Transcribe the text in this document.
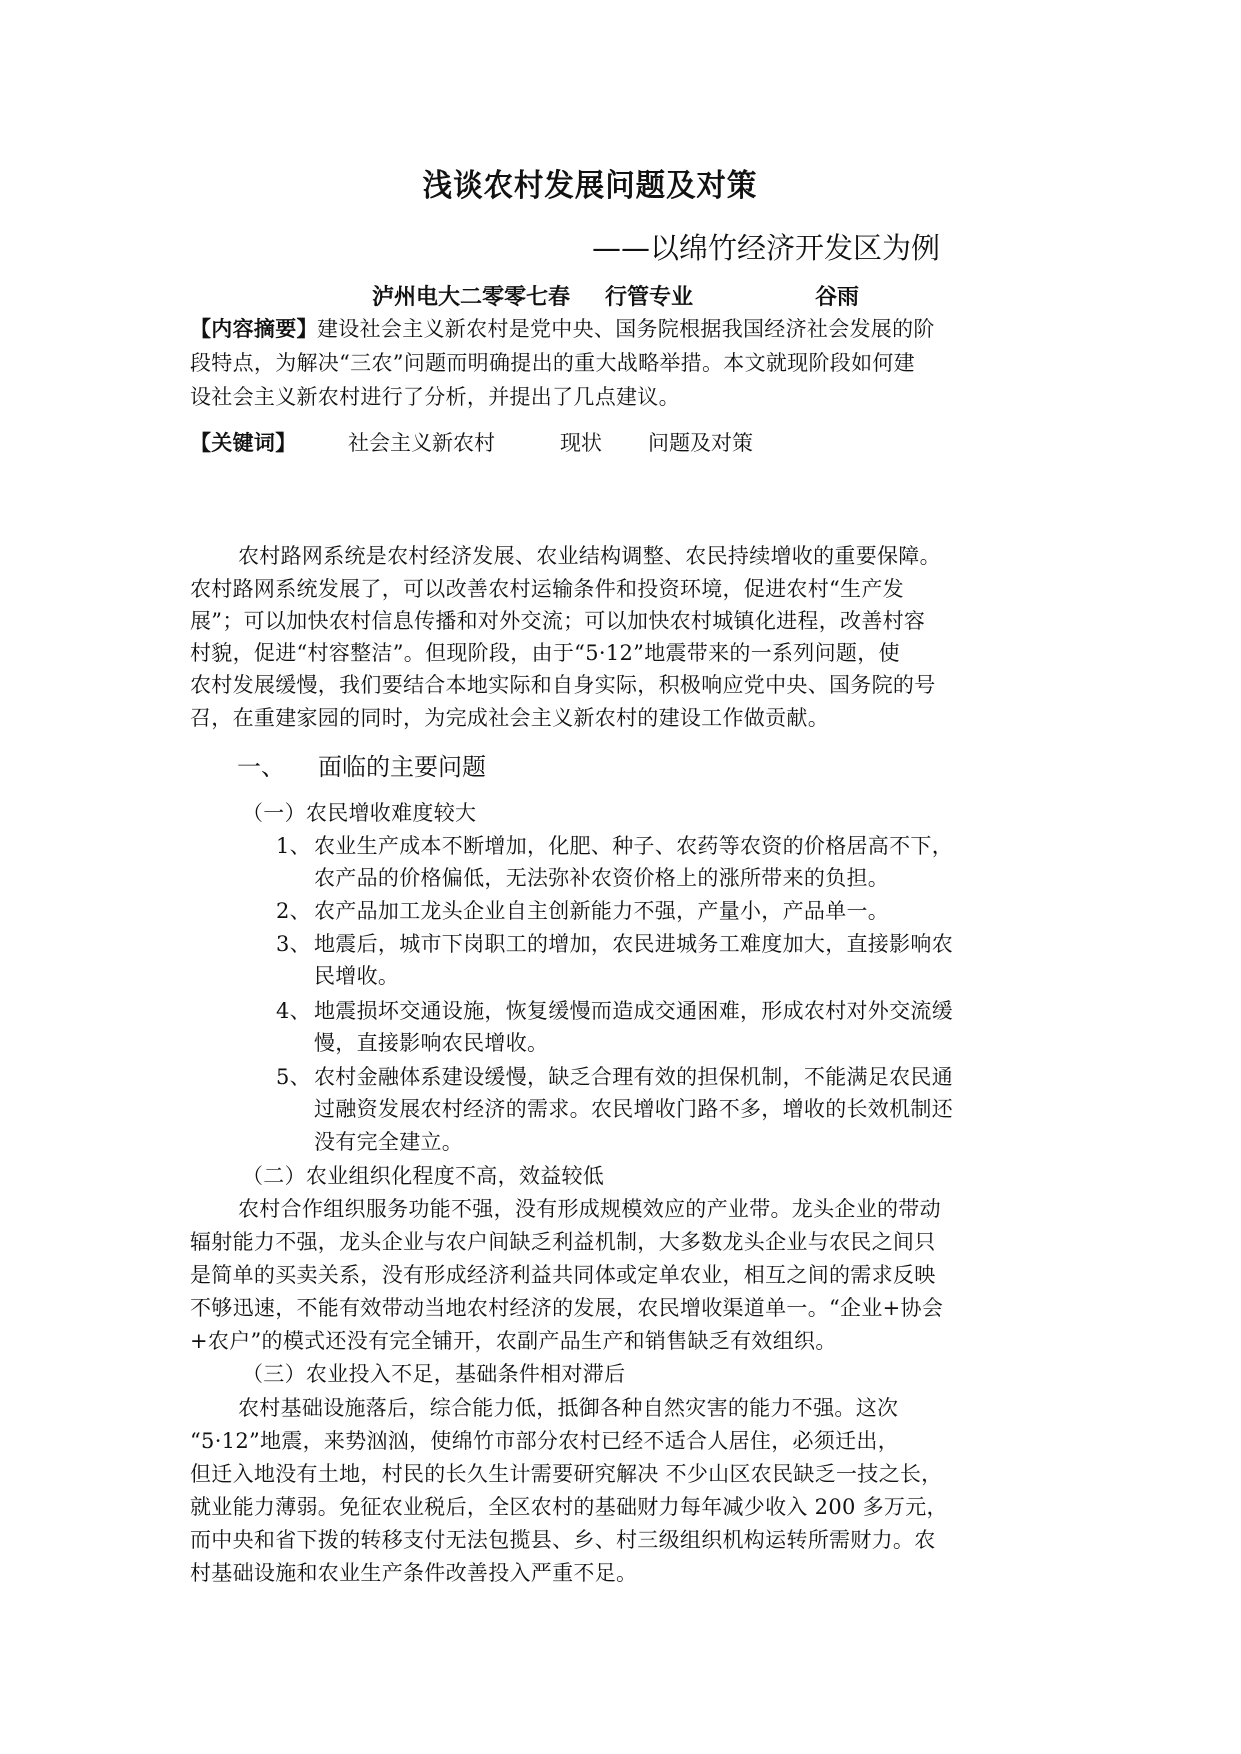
浅谈农村发展问题及对策
——以绵竹经济开发区为例
泸州电大二零零七春 行管专业	谷雨
【内容摘要】 建设社会主义新农村是党中央、国务院根据我国经济社会发展的阶
段特点，为解决“三农”问题而明确提出的重大战略举措。本文就现阶段如何建
设社会主义新农村进行了分析，并提出了几点建议。
【关键词】 社会主义新农村	现状 问题及对策
农村路网系统是农村经济发展、农业结构调整、农民持续增收的重要保障。
农村路网系统发展了，可以改善农村运输条件和投资环境，促进农村“生产发
展”；可以加快农村信息传播和对外交流；可以加快农村城镇化进程，改善村容
村貌，促进“村容整洁”。但现阶段，由于“5·12”地震带来的一系列问题，使
农村发展缓慢，我们要结合本地实际和自身实际，积极响应党中央、国务院的号
召，在重建家园的同时，为完成社会主义新农村的建设工作做贡献。
一、 面临的主要问题
（一）农民增收难度较大
1、 农业生产成本不断增加，化肥、种子、农药等农资的价格居高不下，
农产品的价格偏低，无法弥补农资价格上的涨所带来的负担。
2、 农产品加工龙头企业自主创新能力不强，产量小，产品单一。
3、 地震后，城市下岗职工的增加，农民进城务工难度加大，直接影响农
民增收。
4、 地震损坏交通设施，恢复缓慢而造成交通困难，形成农村对外交流缓
慢，直接影响农民增收。
5、 农村金融体系建设缓慢，缺乏合理有效的担保机制，不能满足农民通
过融资发展农村经济的需求。农民增收门路不多，增收的长效机制还
没有完全建立。
（二）农业组织化程度不高，效益较低
农村合作组织服务功能不强，没有形成规模效应的产业带。龙头企业的带动
辐射能力不强，龙头企业与农户间缺乏利益机制，大多数龙头企业与农民之间只
是简单的买卖关系，没有形成经济利益共同体或定单农业，相互之间的需求反映
不够迅速，不能有效带动当地农村经济的发展，农民增收渠道单一。“企业+协会
+农户”的模式还没有完全铺开，农副产品生产和销售缺乏有效组织。
（三）农业投入不足，基础条件相对滞后
农村基础设施落后，综合能力低，抵御各种自然灾害的能力不强。这次
“5·12”地震，来势汹汹，使绵竹市部分农村已经不适合人居住，必须迁出，
但迁入地没有土地，村民的长久生计需要研究解决 不少山区农民缺乏一技之长，
就业能力薄弱。免征农业税后，全区农村的基础财力每年减少收入 200 多万元，
而中央和省下拨的转移支付无法包揽县、乡、村三级组织机构运转所需财力。农
村基础设施和农业生产条件改善投入严重不足。
